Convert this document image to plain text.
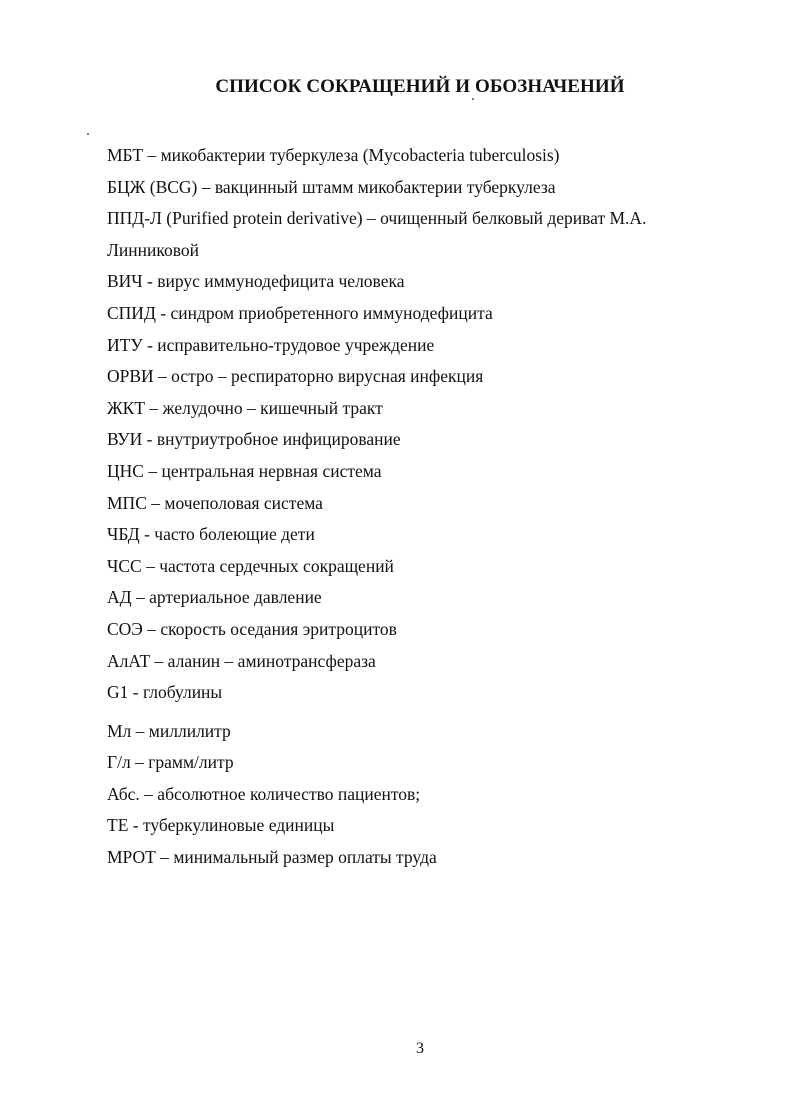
СПИСОК СОКРАЩЕНИЙ И ОБОЗНАЧЕНИЙ
МБТ – микобактерии туберкулеза (Mycobacteria tuberculosis)
БЦЖ (BCG) – вакцинный штамм микобактерии туберкулеза
ППД-Л (Purified protein derivative) – очищенный белковый дериват М.А.
Линниковой
ВИЧ - вирус иммунодефицита человека
СПИД - синдром приобретенного иммунодефицита
ИТУ - исправительно-трудовое учреждение
ОРВИ – остро – респираторно вирусная инфекция
ЖКТ – желудочно – кишечный тракт
ВУИ - внутриутробное инфицирование
ЦНС – центральная нервная система
МПС – мочеполовая система
ЧБД - часто болеющие дети
ЧСС – частота сердечных сокращений
АД – артериальное давление
СОЭ – скорость оседания эритроцитов
АлАТ – аланин – аминотрансфераза
G1 - глобулины
Мл – миллилитр
Г/л – грамм/литр
Абс. – абсолютное количество пациентов;
ТЕ - туберкулиновые единицы
МРОТ – минимальный размер оплаты труда
3
